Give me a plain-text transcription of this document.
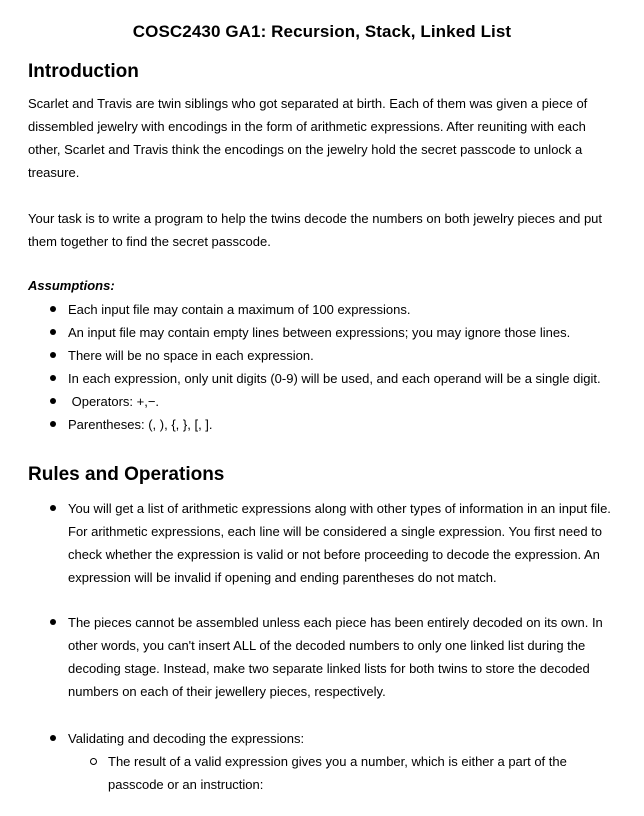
COSC2430 GA1: Recursion, Stack, Linked List
Introduction
Scarlet and Travis are twin siblings who got separated at birth. Each of them was given a piece of dissembled jewelry with encodings in the form of arithmetic expressions. After reuniting with each other, Scarlet and Travis think the encodings on the jewelry hold the secret passcode to unlock a treasure.
Your task is to write a program to help the twins decode the numbers on both jewelry pieces and put them together to find the secret passcode.
Assumptions:
Each input file may contain a maximum of 100 expressions.
An input file may contain empty lines between expressions; you may ignore those lines.
There will be no space in each expression.
In each expression, only unit digits (0-9) will be used, and each operand will be a single digit.
Operators: +,−.
Parentheses: (, ), {, }, [, ].
Rules and Operations
You will get a list of arithmetic expressions along with other types of information in an input file. For arithmetic expressions, each line will be considered a single expression. You first need to check whether the expression is valid or not before proceeding to decode the expression. An expression will be invalid if opening and ending parentheses do not match.
The pieces cannot be assembled unless each piece has been entirely decoded on its own. In other words, you can't insert ALL of the decoded numbers to only one linked list during the decoding stage. Instead, make two separate linked lists for both twins to store the decoded numbers on each of their jewellery pieces, respectively.
Validating and decoding the expressions:
The result of a valid expression gives you a number, which is either a part of the passcode or an instruction:
